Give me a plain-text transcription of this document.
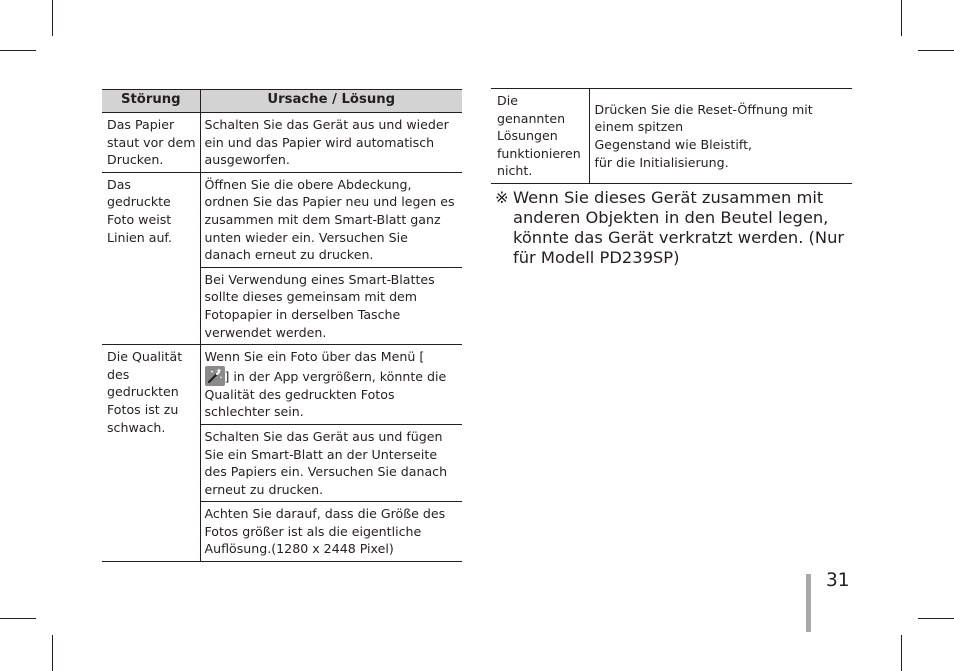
Störung	Ursache / Lösung
Das Papier staut vor dem Drucken.	Schalten Sie das Gerät aus und wieder ein und das Papier wird automatisch ausgeworfen.
Das gedruckte Foto weist Linien auf.	Öffnen Sie die obere Abdeckung, ordnen Sie das Papier neu und legen es zusammen mit dem Smart-Blatt ganz unten wieder ein. Versuchen Sie danach erneut zu drucken.
	Bei Verwendung eines Smart-Blattes sollte dieses gemeinsam mit dem Fotopapier in derselben Tasche verwendet werden.
Die Qualität des gedruckten Fotos ist zu schwach.	Wenn Sie ein Foto über das Menü [

] in der App vergrößern, könnte die Qualität des gedruckten Fotos schlechter sein.
	Schalten Sie das Gerät aus und fügen Sie ein Smart-Blatt an der Unterseite des Papiers ein. Versuchen Sie danach erneut zu drucken.
	Achten Sie darauf, dass die Größe des Fotos größer ist als die eigentliche Auflösung.(1280 x 2448 Pixel)
Die genannten Lösungen funktionieren nicht.	Drücken Sie die Reset-Öffnung mit einem spitzen
Gegenstand wie Bleistift,
für die Initialisierung.
※ Wenn Sie dieses Gerät zusammen mit anderen Objekten in den Beutel legen, könnte das Gerät verkratzt werden. (Nur für Modell PD239SP)
31
